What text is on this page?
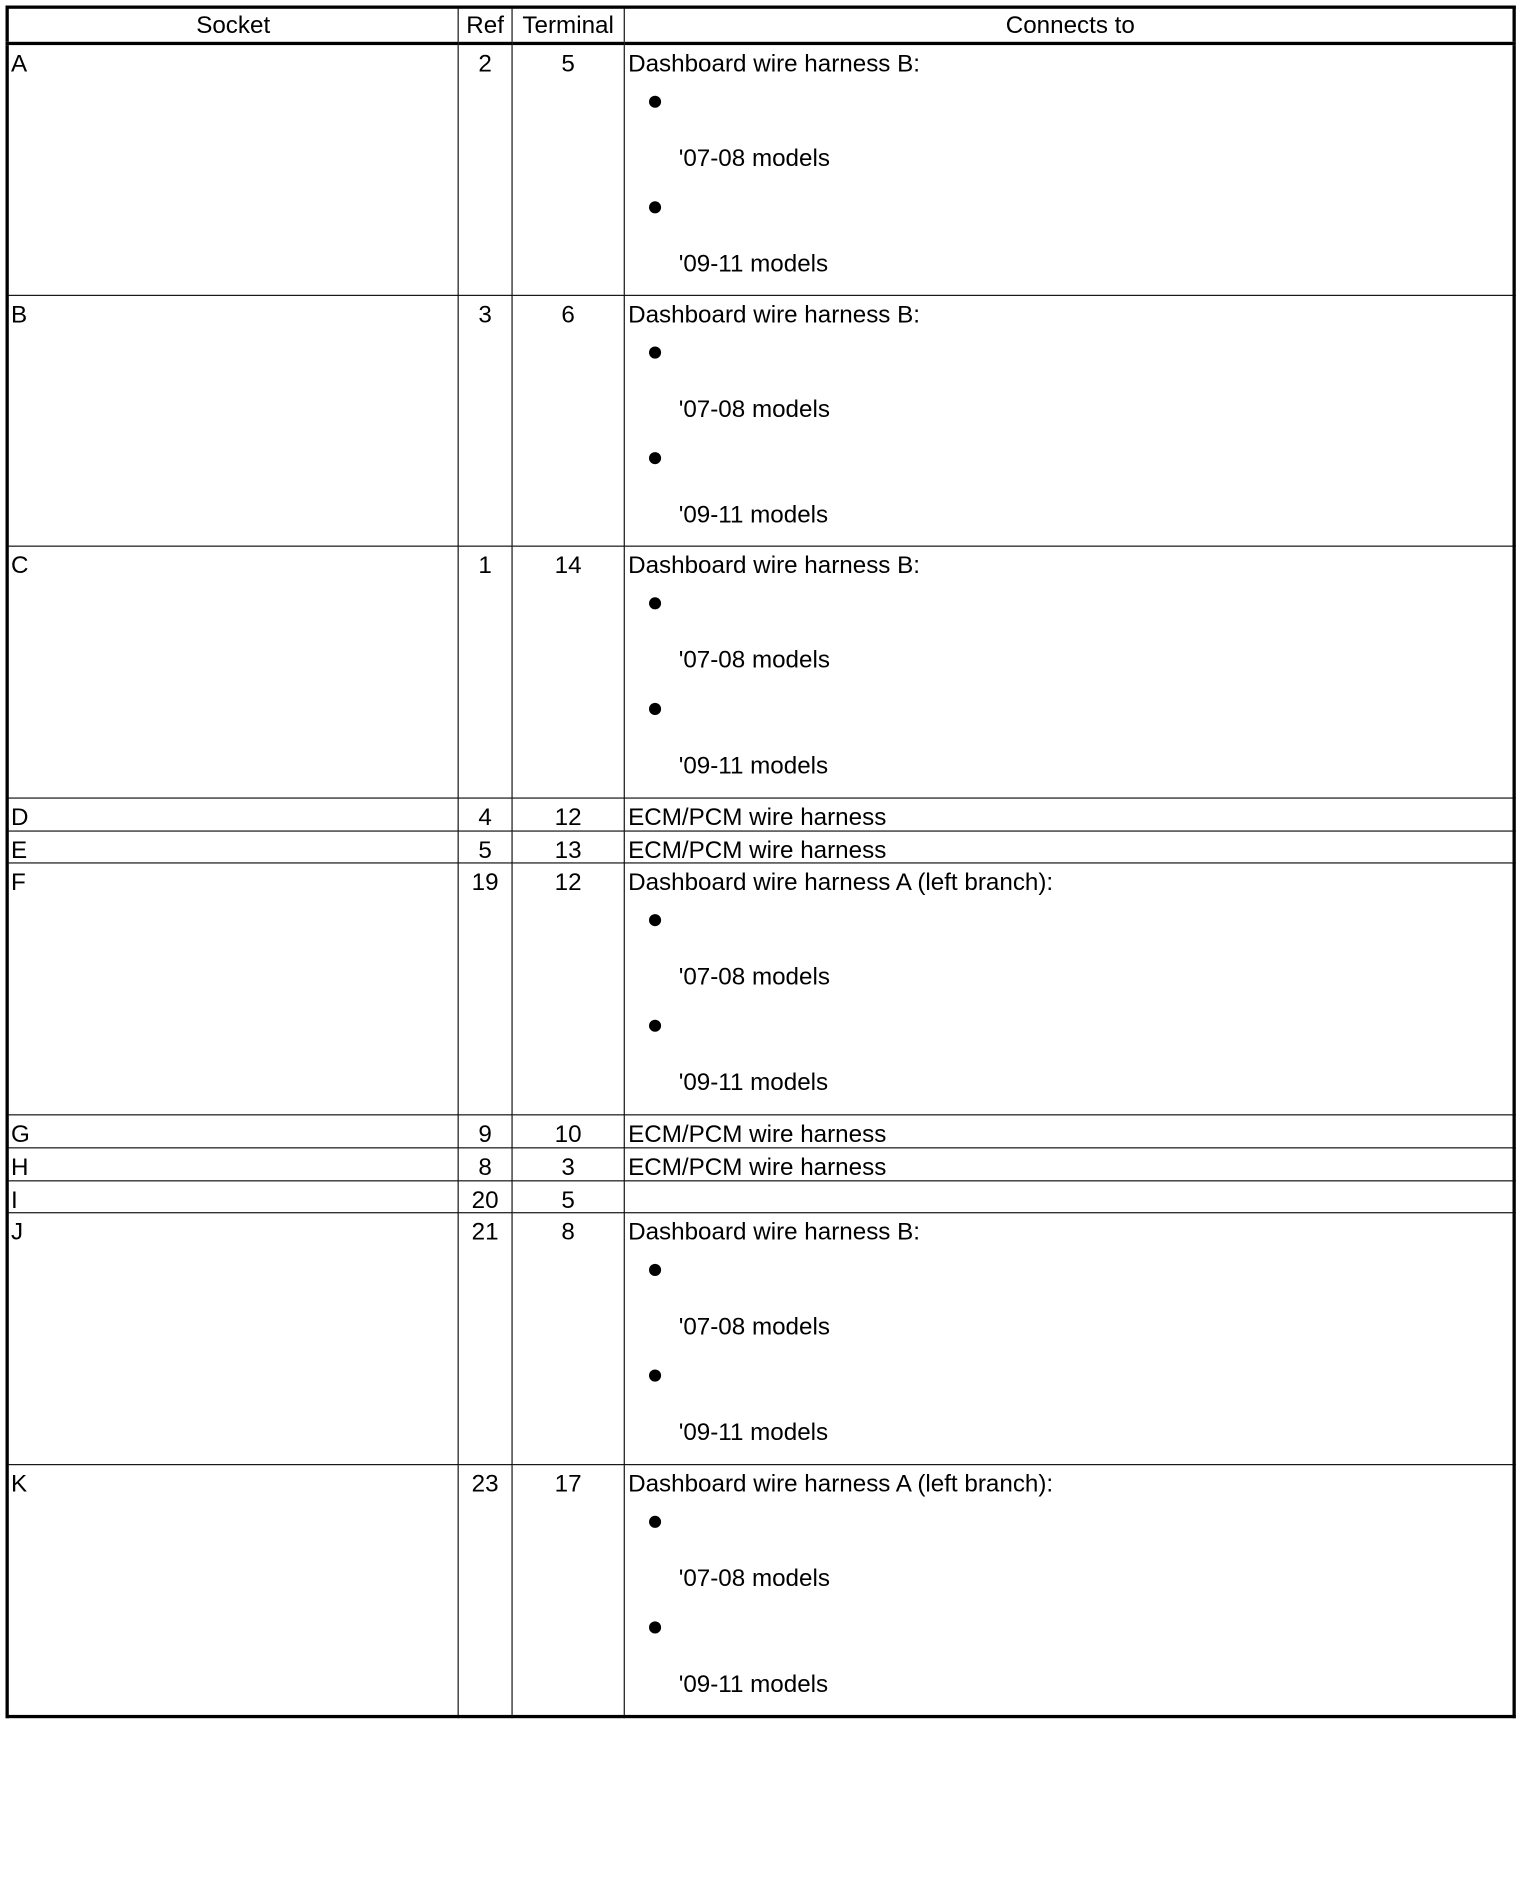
Socket	Ref	Terminal	Connects to
A	2	5	Dashboard wire harness B:
'07-08 models
'09-11 models

B	3	6	Dashboard wire harness B:
'07-08 models
'09-11 models

C	1	14	Dashboard wire harness B:
'07-08 models
'09-11 models

D	4	12	ECM/PCM wire harness
E	5	13	ECM/PCM wire harness
F	19	12	Dashboard wire harness A (left branch):
'07-08 models
'09-11 models

G	9	10	ECM/PCM wire harness
H	8	3	ECM/PCM wire harness
I	20	5	
J	21	8	Dashboard wire harness B:
'07-08 models
'09-11 models

K	23	17	Dashboard wire harness A (left branch):
'07-08 models
'09-11 models
